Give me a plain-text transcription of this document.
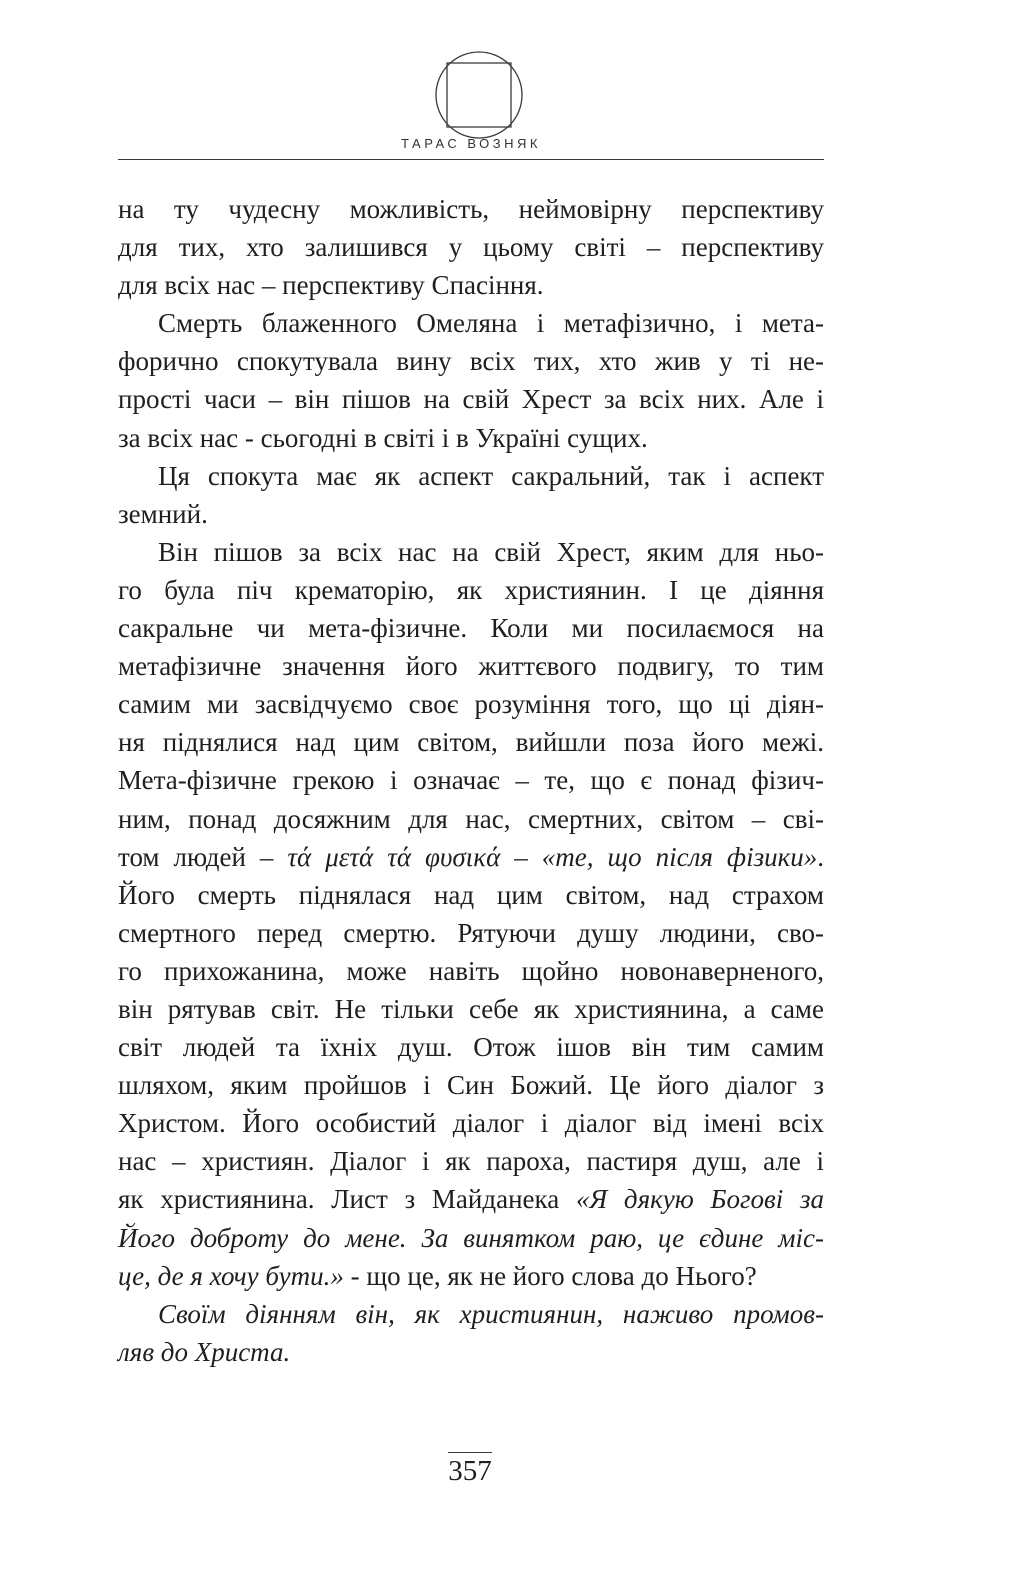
ТАРАС ВОЗНЯК
на ту чудесну можливість, неймовірну перспективу
для тих, хто залишився у цьому світі – перспективу
для всіх нас – перспективу Спасіння.
Смерть блаженного Омеляна і метафізично, і мета-
форично спокутувала вину всіх тих, хто жив у ті не-
прості часи – він пішов на свій Хрест за всіх них. Але і
за всіх нас - сьогодні в світі і в Україні сущих.
Ця спокута має як аспект сакральний, так і аспект
земний.
Він пішов за всіх нас на свій Хрест, яким для ньо-
го була піч крематорію, як християнин. І це діяння
сакральне чи мета-фізичне. Коли ми посилаємося на
метафізичне значення його життєвого подвигу, то тим
самим ми засвідчуємо своє розуміння того, що ці діян-
ня піднялися над цим світом, вийшли поза його межі.
Мета-фізичне грекою і означає – те, що є понад фізич-
ним, понад досяжним для нас, смертних, світом – сві-
том людей – τά μετά τά φυσικά – «те, що після фізики».
Його смерть піднялася над цим світом, над страхом
смертного перед смертю. Рятуючи душу людини, сво-
го прихожанина, може навіть щойно новонаверненого,
він рятував світ. Не тільки себе як християнина, а саме
світ людей та їхніх душ. Отож ішов він тим самим
шляхом, яким пройшов і Син Божий. Це його діалог з
Христом. Його особистий діалог і діалог від імені всіх
нас – християн. Діалог і як пароха, пастиря душ, але і
як християнина. Лист з Майданека «Я дякую Богові за
Його доброту до мене. За винятком раю, це єдине міс-
це, де я хочу бути.» - що це, як не його слова до Нього?
Своїм діянням він, як християнин, наживо промов-
ляв до Христа.
357
